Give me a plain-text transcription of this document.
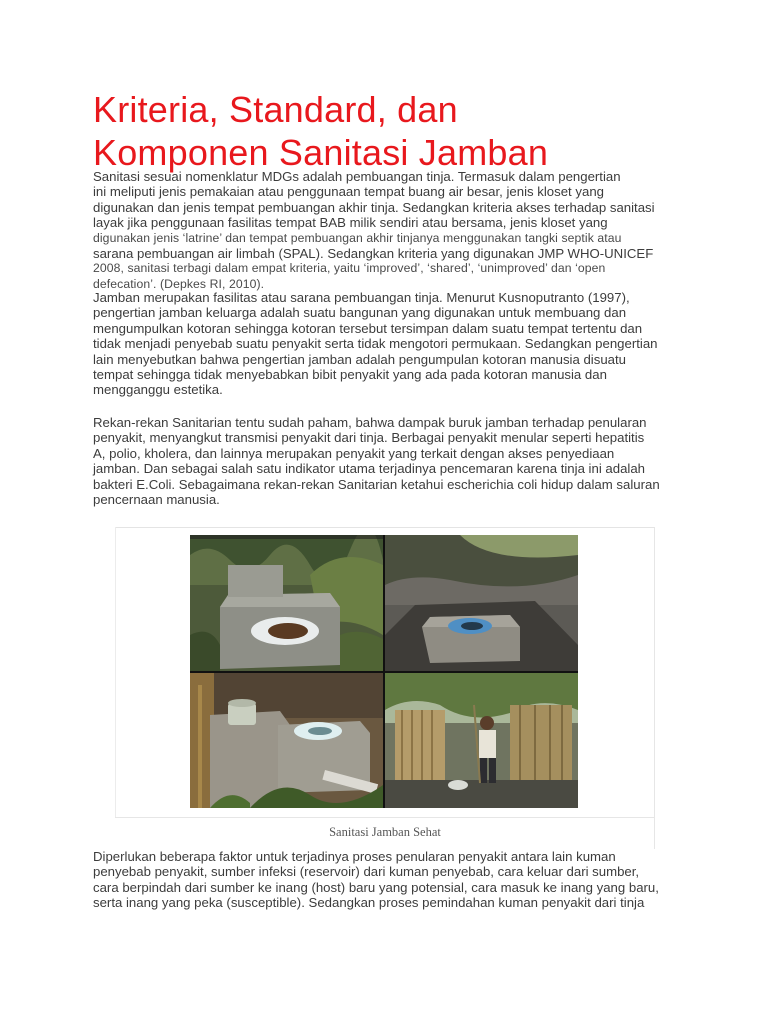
Kriteria, Standard, dan
Komponen Sanitasi Jamban
Sanitasi sesuai nomenklatur MDGs adalah pembuangan tinja. Termasuk dalam pengertian
ini meliputi jenis pemakaian atau penggunaan tempat buang air besar, jenis kloset yang
digunakan dan jenis tempat pembuangan akhir tinja. Sedangkan kriteria akses terhadap sanitasi
layak jika penggunaan fasilitas tempat BAB milik sendiri atau bersama, jenis kloset yang
digunakan jenis ‘latrine’ dan tempat pembuangan akhir tinjanya menggunakan tangki septik atau
sarana pembuangan air limbah (SPAL). Sedangkan kriteria yang digunakan JMP WHO-UNICEF
2008, sanitasi terbagi dalam empat kriteria, yaitu ‘improved’, ‘shared’, ‘unimproved’ dan ‘open
defecation’. (Depkes RI, 2010).
Jamban merupakan fasilitas atau sarana pembuangan tinja. Menurut Kusnoputranto (1997),
pengertian jamban keluarga adalah suatu bangunan yang digunakan untuk membuang dan
mengumpulkan kotoran sehingga kotoran tersebut tersimpan dalam suatu tempat tertentu dan
tidak menjadi penyebab suatu penyakit serta tidak mengotori permukaan. Sedangkan pengertian
lain menyebutkan bahwa pengertian jamban adalah pengumpulan kotoran manusia disuatu
tempat sehingga tidak menyebabkan bibit penyakit yang ada pada kotoran manusia dan
mengganggu estetika.
Rekan-rekan Sanitarian tentu sudah paham, bahwa dampak buruk jamban terhadap penularan
penyakit, menyangkut transmisi penyakit dari tinja. Berbagai penyakit menular seperti hepatitis
A, polio, kholera, dan lainnya merupakan penyakit yang terkait dengan akses penyediaan
jamban. Dan sebagai salah satu indikator utama terjadinya pencemaran karena tinja ini adalah
bakteri E.Coli. Sebagaimana rekan-rekan Sanitarian ketahui escherichia coli hidup dalam saluran
pencernaan manusia.
Sanitasi Jamban Sehat
Diperlukan beberapa faktor untuk terjadinya proses penularan penyakit antara lain kuman
penyebab penyakit, sumber infeksi (reservoir) dari kuman penyebab, cara keluar dari sumber,
cara berpindah dari sumber ke inang (host) baru yang potensial, cara masuk ke inang yang baru,
serta inang yang peka (susceptible). Sedangkan proses pemindahan kuman penyakit dari tinja
